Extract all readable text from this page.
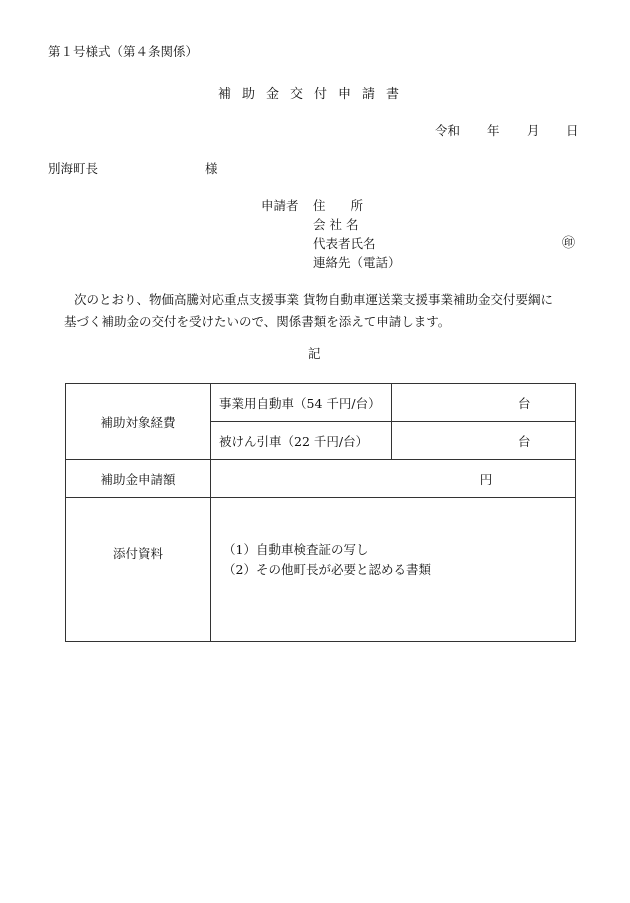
第１号様式（第４条関係）
補助金交付申請書
令和 年 月 日
別海町長	様
申請者 住　　所
会 社 名
代表者氏名	㊞
連絡先（電話）
次のとおり、物価高騰対応重点支援事業 貨物自動車運送業支援事業補助金交付要綱に
基づく補助金の交付を受けたいので、関係書類を添えて申請します。
記
補助対象経費	事業用自動車（54 千円/台）	台
	被けん引車（22 千円/台）	台
補助金申請額	円	
添付資料	（1）自動車検査証の写し
（2）その他町長が必要と認める書類	
